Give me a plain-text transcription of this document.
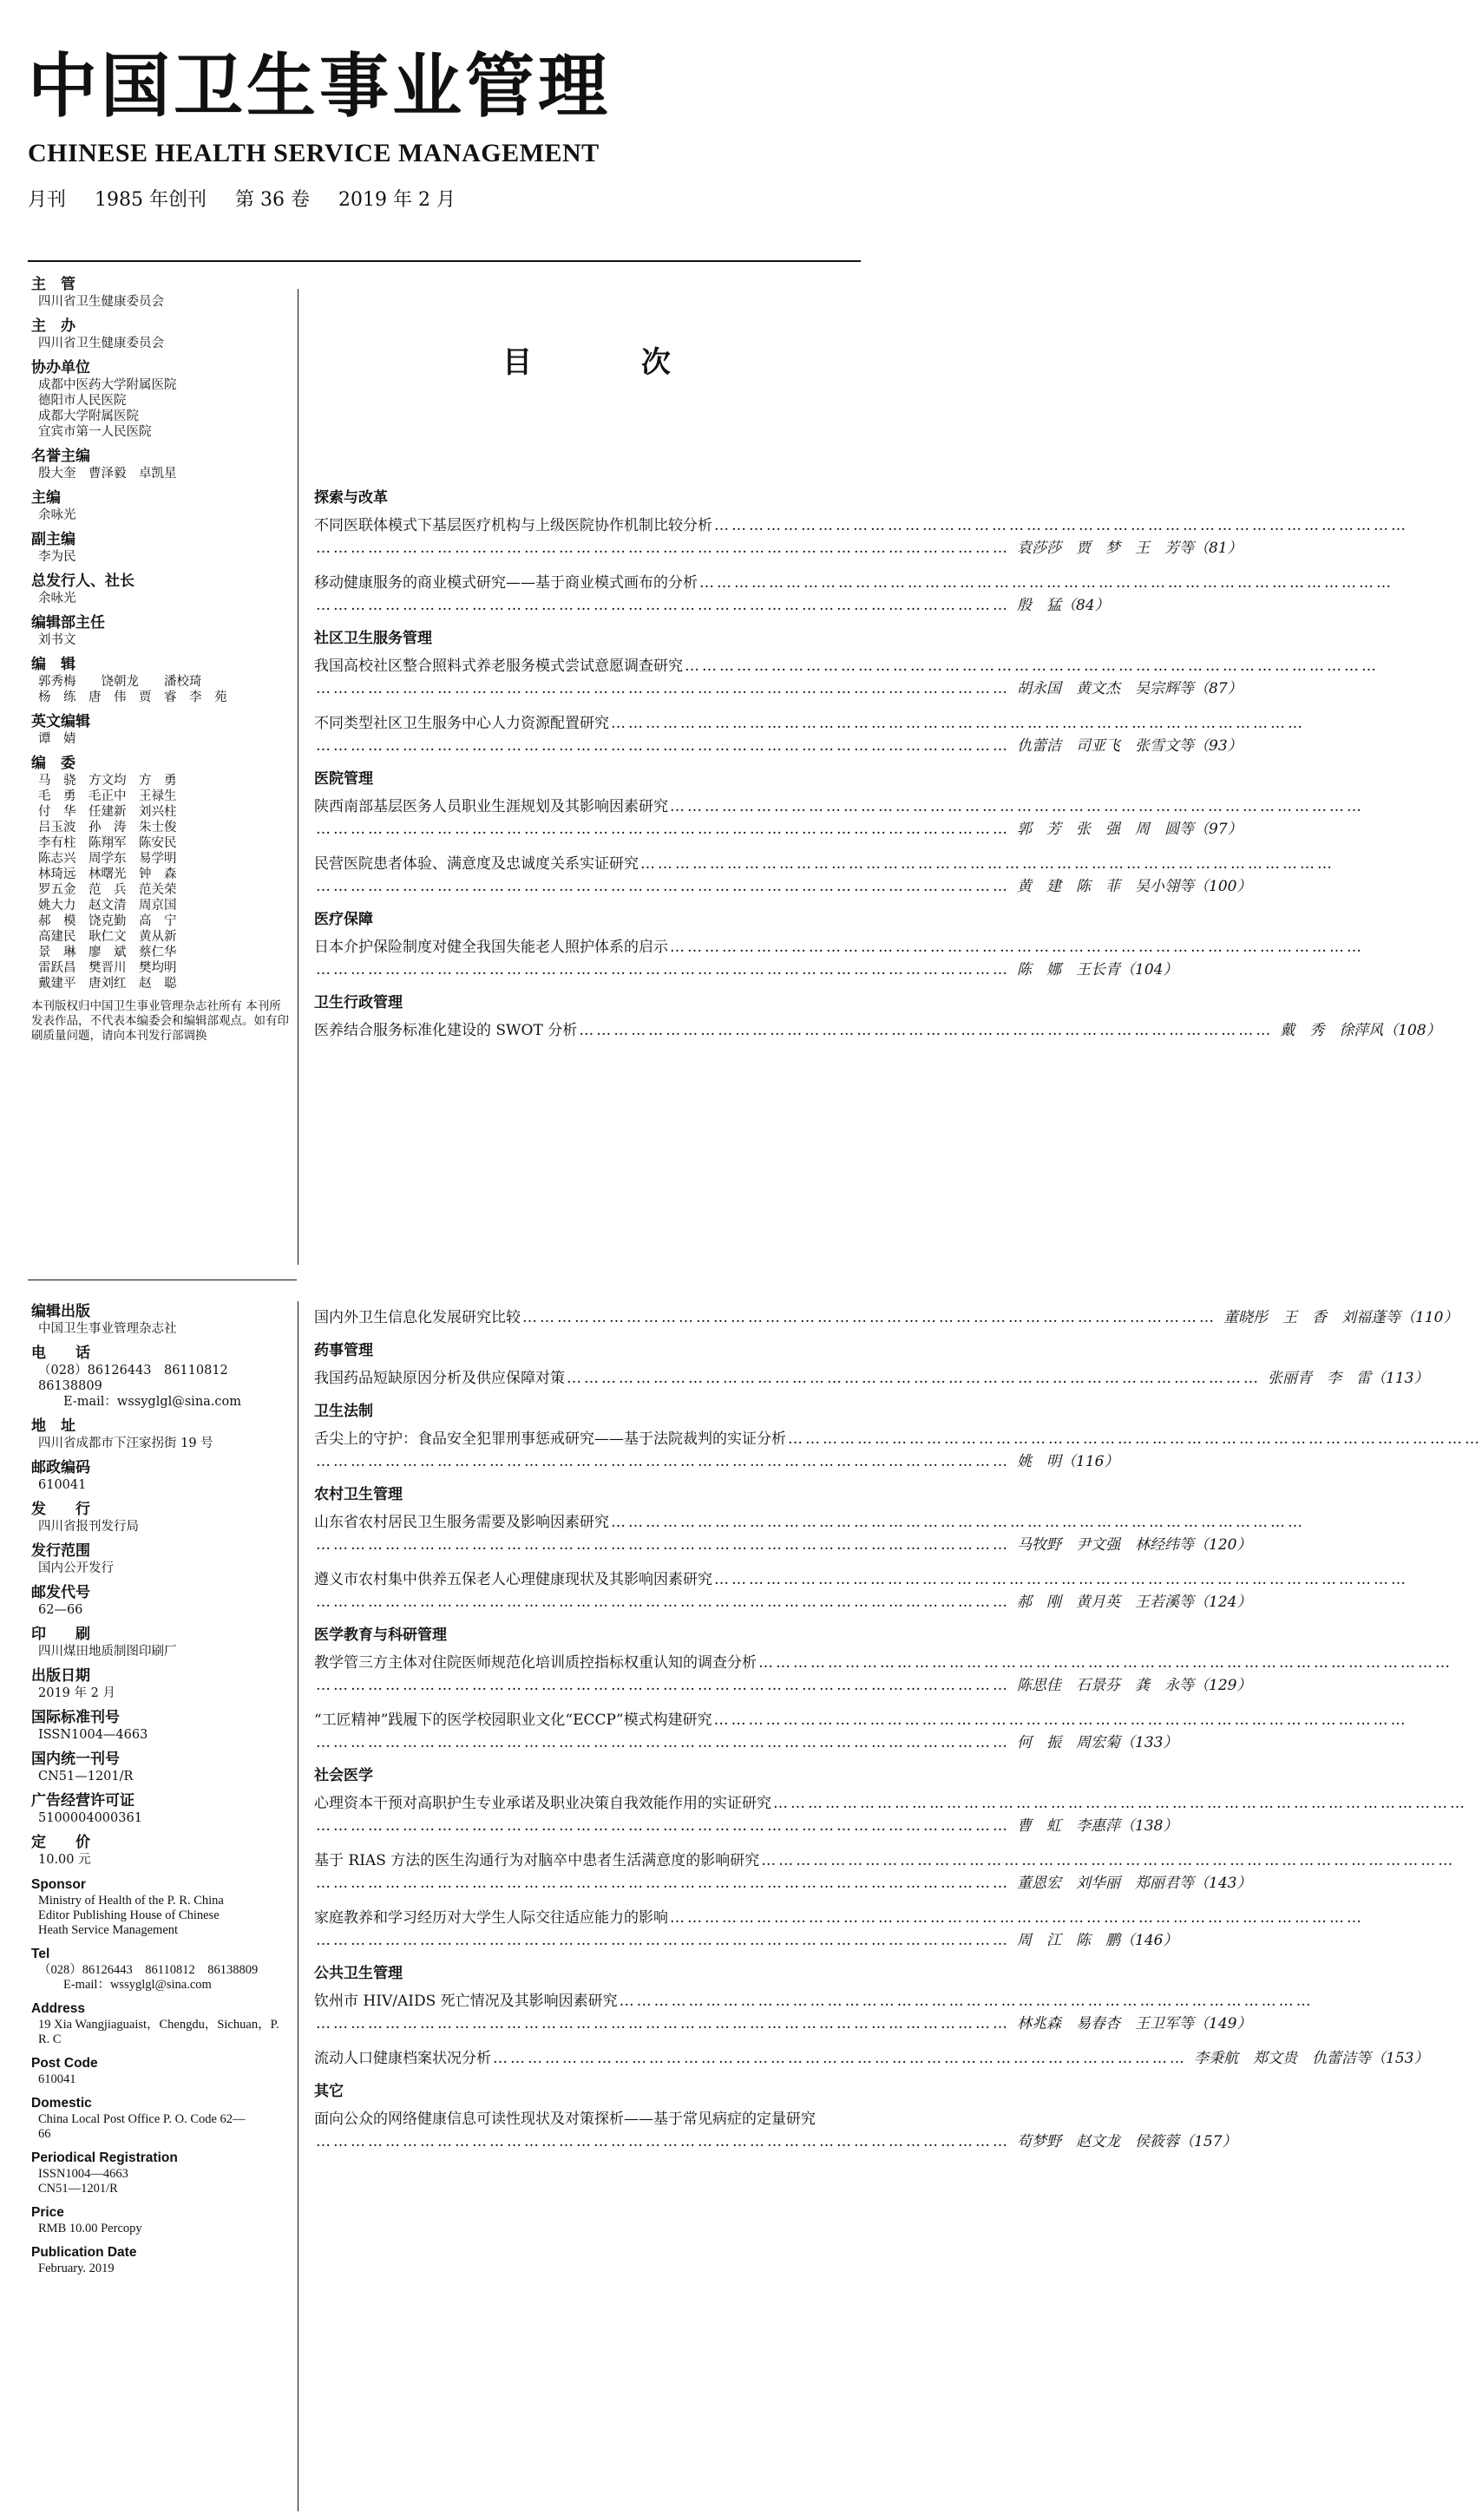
中国卫生事业管理
CHINESE HEALTH SERVICE MANAGEMENT
月刊 1985 年创刊 第 36 卷 2019 年 2 月
主　管
四川省卫生健康委员会
主　办
四川省卫生健康委员会
协办单位
成都中医药大学附属医院
德阳市人民医院
成都大学附属医院
宜宾市第一人民医院
名誉主编
殷大奎　曹泽毅　卓凯星
主编
余咏光
副主编
李为民
总发行人、社长
余咏光
编辑部主任
刘书文
编　辑
郭秀梅　　饶朝龙　　潘校琦
杨　练　唐　伟　贾　睿　李　苑
英文编辑
谭　婧
编　委
马　骁　方文均　方　勇
毛　勇　毛正中　王禄生
付　华　任建新　刘兴柱
吕玉波　孙　涛　朱士俊
李有柱　陈翔军　陈安民
陈志兴　周学东　易学明
林琦远　林曙光　钟　森
罗五金　范　兵　范关荣
姚大力　赵文清　周京国
郝　模　饶克勤　高　宁
高建民　耿仁文　黄从新
景　琳　廖　斌　蔡仁华
雷跃昌　樊晋川　樊均明
戴建平　唐刘红　赵　聪
本刊版权归中国卫生事业管理杂志社所有 本刊所发表作品，不代表本编委会和编辑部观点。如有印刷质量问题，请向本刊发行部调换
编辑出版
中国卫生事业管理杂志社
电　　话
（028）86126443　86110812　86138809
　　E-mail：wssyglgl@sina.com
地　址
四川省成都市下汪家拐街 19 号
邮政编码
610041
发　　行
四川省报刊发行局
发行范围
国内公开发行
邮发代号
62—66
印　　刷
四川煤田地质制图印刷厂
出版日期
2019 年 2 月
国际标准刊号
ISSN1004—4663
国内统一刊号
CN51—1201/R
广告经营许可证
5100004000361
定　　价
10.00 元
Sponsor
Ministry of Health of the P. R. China
Editor Publishing House of Chinese
Heath Service Management
Tel
（028）86126443　86110812　86138809
　　E-mail：wssyglgl@sina.com
Address
19 Xia Wangjiaguaist，Chengdu，Sichuan，P.
R. C
Post Code
610041
Domestic
China Local Post Office P. O. Code 62—
66
Periodical Registration
ISSN1004—4663
CN51—1201/R
Price
RMB 10.00 Percopy
Publication Date
February. 2019
目 次
探索与改革
不同医联体模式下基层医疗机构与上级医院协作机制比较分析 …………………………………………………………………………………………………………
………………………………………………………………………………………………………… 袁莎莎　贾　梦　王　芳等（81）
移动健康服务的商业模式研究——基于商业模式画布的分析 …………………………………………………………………………………………………………
………………………………………………………………………………………………………… 殷　猛（84）
社区卫生服务管理
我国高校社区整合照料式养老服务模式尝试意愿调查研究 …………………………………………………………………………………………………………
………………………………………………………………………………………………………… 胡永国　黄文杰　吴宗辉等（87）
不同类型社区卫生服务中心人力资源配置研究 …………………………………………………………………………………………………………
………………………………………………………………………………………………………… 仇蕾洁　司亚飞　张雪文等（93）
医院管理
陕西南部基层医务人员职业生涯规划及其影响因素研究 …………………………………………………………………………………………………………
………………………………………………………………………………………………………… 郭　芳　张　强　周　圆等（97）
民营医院患者体验、满意度及忠诚度关系实证研究 …………………………………………………………………………………………………………
………………………………………………………………………………………………………… 黄　建　陈　菲　吴小翎等（100）
医疗保障
日本介护保险制度对健全我国失能老人照护体系的启示 …………………………………………………………………………………………………………
………………………………………………………………………………………………………… 陈　娜　王长青（104）
卫生行政管理
医养结合服务标准化建设的 SWOT 分析 ………………………………………………………………………………………………………… 戴　秀　徐萍风（108）
国内外卫生信息化发展研究比较 ………………………………………………………………………………………………………… 董晓彤　王　香　刘福蓬等（110）
药事管理
我国药品短缺原因分析及供应保障对策 ………………………………………………………………………………………………………… 张丽青　李　雷（113）
卫生法制
舌尖上的守护：食品安全犯罪刑事惩戒研究——基于法院裁判的实证分析 …………………………………………………………………………………………………………
………………………………………………………………………………………………………… 姚　明（116）
农村卫生管理
山东省农村居民卫生服务需要及影响因素研究 …………………………………………………………………………………………………………
………………………………………………………………………………………………………… 马牧野　尹文强　林经纬等（120）
遵义市农村集中供养五保老人心理健康现状及其影响因素研究 …………………………………………………………………………………………………………
………………………………………………………………………………………………………… 郝　刚　黄月英　王若溪等（124）
医学教育与科研管理
教学管三方主体对住院医师规范化培训质控指标权重认知的调查分析 …………………………………………………………………………………………………………
………………………………………………………………………………………………………… 陈思佳　石景芬　龚　永等（129）
“工匠精神”践履下的医学校园职业文化“ECCP”模式构建研究 …………………………………………………………………………………………………………
………………………………………………………………………………………………………… 何　振　周宏菊（133）
社会医学
心理资本干预对高职护生专业承诺及职业决策自我效能作用的实证研究 …………………………………………………………………………………………………………
………………………………………………………………………………………………………… 曹　虹　李惠萍（138）
基于 RIAS 方法的医生沟通行为对脑卒中患者生活满意度的影响研究 …………………………………………………………………………………………………………
………………………………………………………………………………………………………… 董恩宏　刘华丽　郑丽君等（143）
家庭教养和学习经历对大学生人际交往适应能力的影响 …………………………………………………………………………………………………………
………………………………………………………………………………………………………… 周　江　陈　鹏（146）
公共卫生管理
钦州市 HIV/AIDS 死亡情况及其影响因素研究 …………………………………………………………………………………………………………
………………………………………………………………………………………………………… 林兆森　易春杏　王卫军等（149）
流动人口健康档案状况分析 ………………………………………………………………………………………………………… 李秉航　郑文贵　仇蕾洁等（153）
其它
面向公众的网络健康信息可读性现状及对策探析——基于常见病症的定量研究
………………………………………………………………………………………………………… 苟梦野　赵文龙　侯筱蓉（157）
